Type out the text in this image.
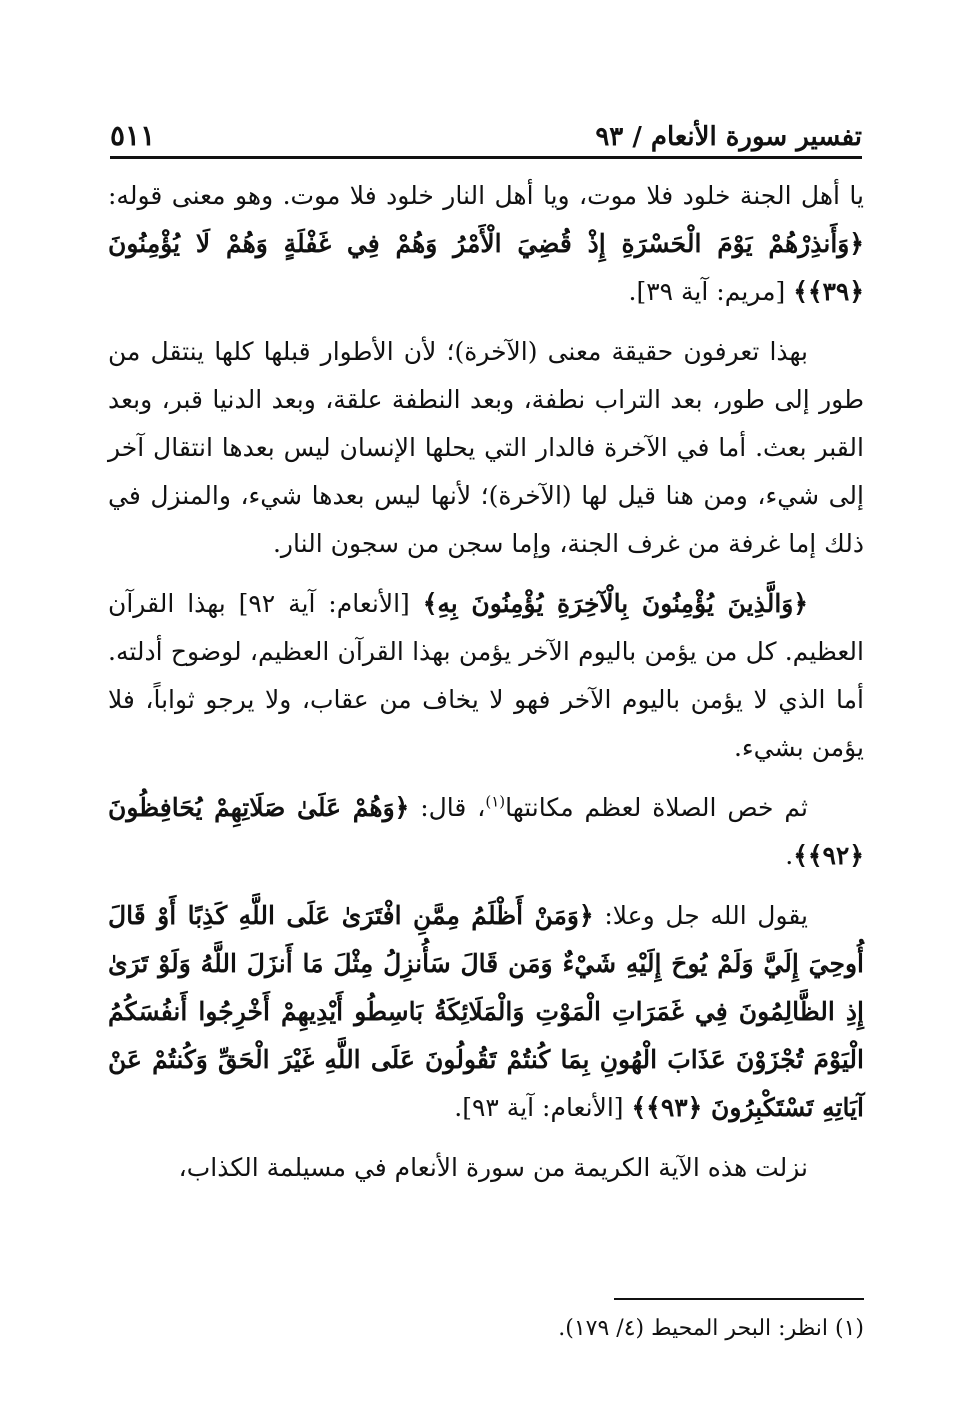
تفسير سورة الأنعام / ٩٣
٥١١

يا أهل الجنة خلود فلا موت، ويا أهل النار خلود فلا موت. وهو معنى قوله: ﴿وَأَنذِرْهُمْ يَوْمَ الْحَسْرَةِ إِذْ قُضِيَ الْأَمْرُ وَهُمْ فِي غَفْلَةٍ وَهُمْ لَا يُؤْمِنُونَ ﴿٣٩﴾﴾ [مريم: آية ٣٩].

بهذا تعرفون حقيقة معنى (الآخرة)؛ لأن الأطوار قبلها كلها ينتقل من طور إلى طور، بعد التراب نطفة، وبعد النطفة علقة، وبعد الدنيا قبر، وبعد القبر بعث. أما في الآخرة فالدار التي يحلها الإنسان ليس بعدها انتقال آخر إلى شيء، ومن هنا قيل لها (الآخرة)؛ لأنها ليس بعدها شيء، والمنزل في ذلك إما غرفة من غرف الجنة، وإما سجن من سجون النار.

﴿وَالَّذِينَ يُؤْمِنُونَ بِالْآخِرَةِ يُؤْمِنُونَ بِهِ﴾ [الأنعام: آية ٩٢] بهذا القرآن العظيم. كل من يؤمن باليوم الآخر يؤمن بهذا القرآن العظيم، لوضوح أدلته. أما الذي لا يؤمن باليوم الآخر فهو لا يخاف من عقاب، ولا يرجو ثواباً، فلا يؤمن بشيء.

ثم خص الصلاة لعظم مكانتها$^{(١)}$، قال: ﴿وَهُمْ عَلَىٰ صَلَاتِهِمْ يُحَافِظُونَ ﴿٩٢﴾﴾.

يقول الله جل وعلا: ﴿وَمَنْ أَظْلَمُ مِمَّنِ افْتَرَىٰ عَلَى اللَّهِ كَذِبًا أَوْ قَالَ أُوحِيَ إِلَيَّ وَلَمْ يُوحَ إِلَيْهِ شَيْءٌ وَمَن قَالَ سَأُنزِلُ مِثْلَ مَا أَنزَلَ اللَّهُ وَلَوْ تَرَىٰ إِذِ الظَّالِمُونَ فِي غَمَرَاتِ الْمَوْتِ وَالْمَلَائِكَةُ بَاسِطُو أَيْدِيهِمْ أَخْرِجُوا أَنفُسَكُمُ الْيَوْمَ تُجْزَوْنَ عَذَابَ الْهُونِ بِمَا كُنتُمْ تَقُولُونَ عَلَى اللَّهِ غَيْرَ الْحَقِّ وَكُنتُمْ عَنْ آيَاتِهِ تَسْتَكْبِرُونَ ﴿٩٣﴾﴾ [الأنعام: آية ٩٣].

نزلت هذه الآية الكريمة من سورة الأنعام في مسيلمة الكذاب،

(١) انظر: البحر المحيط (٤/ ١٧٩).
